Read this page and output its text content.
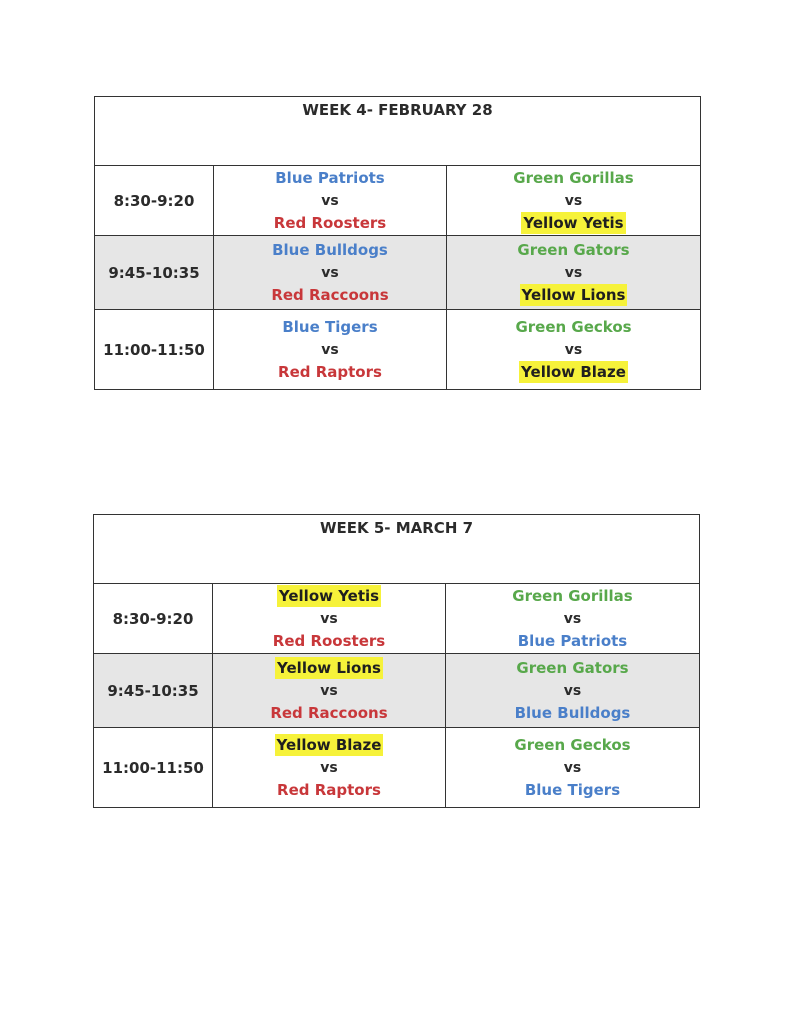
WEEK 4- FEBRUARY 28		
8:30-9:20	Blue Patriots
vs
Red Roosters	Green Gorillas
vs
Yellow Yetis
9:45-10:35	Blue Bulldogs
vs
Red Raccoons	Green Gators
vs
Yellow Lions
11:00-11:50	Blue Tigers
vs
Red Raptors	Green Geckos
vs
Yellow Blaze
WEEK 5- MARCH 7		
8:30-9:20	Yellow Yetis
vs
Red Roosters	Green Gorillas
vs
Blue Patriots
9:45-10:35	Yellow Lions
vs
Red Raccoons	Green Gators
vs
Blue Bulldogs
11:00-11:50	Yellow Blaze
vs
Red Raptors	Green Geckos
vs
Blue Tigers
